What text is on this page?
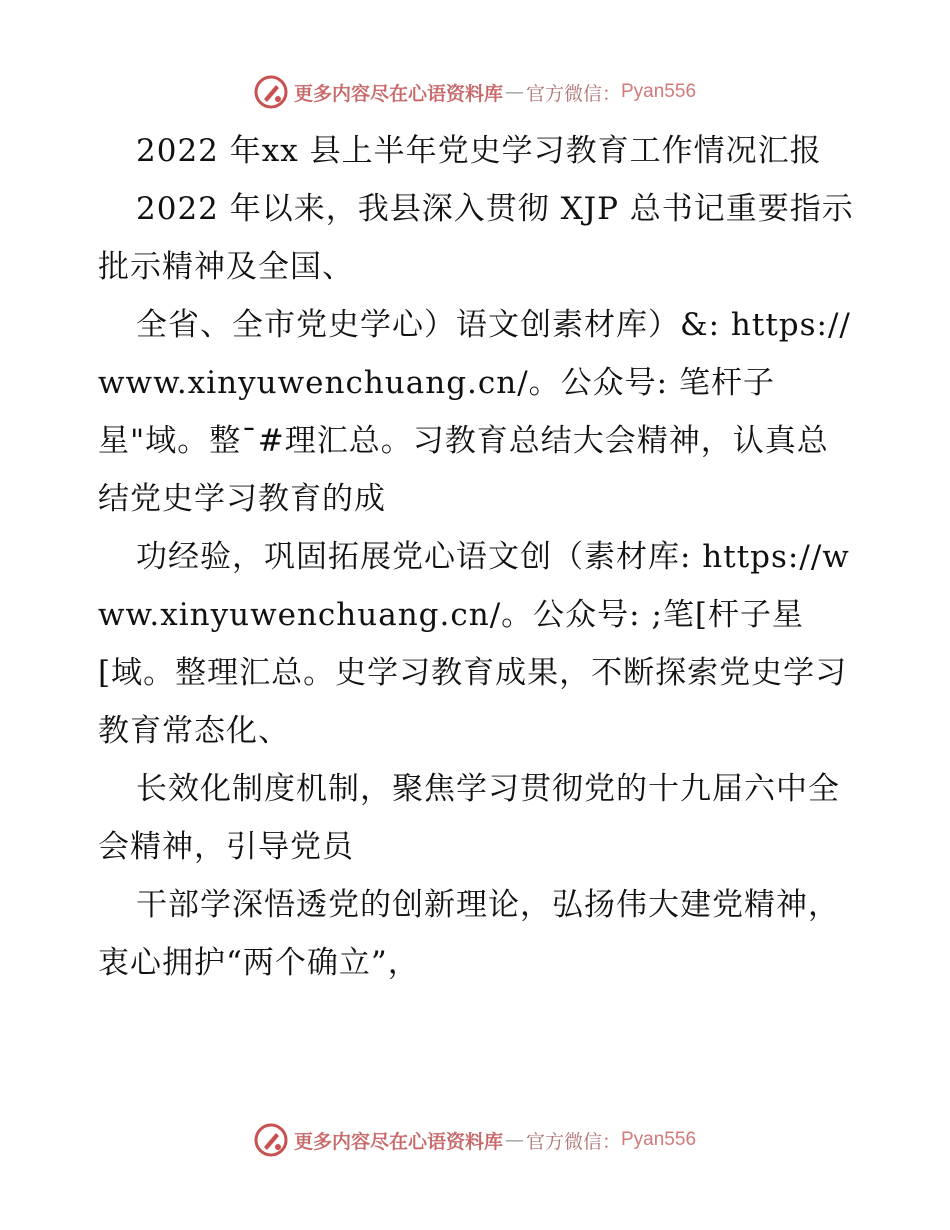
更多内容尽在心语资料库 — 官方微信： Pyan556

2022 年xx 县上半年党史学习教育工作情况汇报

2022 年以来，我县深入贯彻 XJP 总书记重要指示批示精神及全国、

全省、全市党史学心）语文创素材库）&: https://www.xinyuwenchuang.cn/。公众号: 笔杆子星"域。整¯#理汇总。习教育总结大会精神，认真总结党史学习教育的成

功经验，巩固拓展党心语文创（素材库: https://www.xinyuwenchuang.cn/。公众号: ;笔[杆子星[域。整理汇总。史学习教育成果，不断探索党史学习教育常态化、

长效化制度机制，聚焦学习贯彻党的十九届六中全会精神，引导党员

干部学深悟透党的创新理论，弘扬伟大建党精神，衷心拥护“两个确立”，

更多内容尽在心语资料库 — 官方微信： Pyan556
